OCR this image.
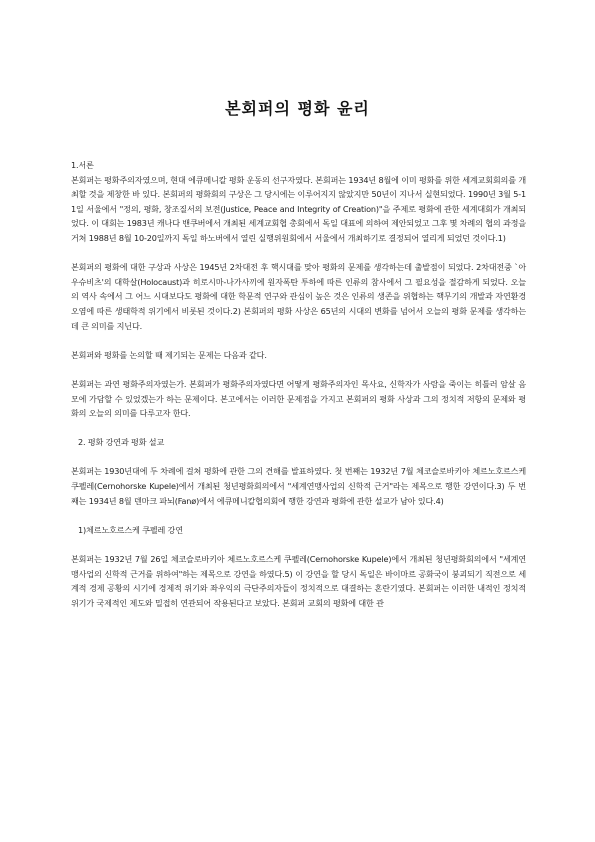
본회퍼의 평화 윤리

1.서론

본회퍼는 평화주의자였으며, 현대 에큐메니칼 평화 운동의 선구자였다. 본회퍼는 1934년 8월에 이미 평화를 위한 세계교회회의를 개최할 것을 제창한 바 있다. 본회퍼의 평화회의 구상은 그 당시에는 이루어지지 않았지만 50년이 지나서 실현되었다. 1990년 3월 5-11일 서울에서 "정의, 평화, 창조질서의 보전(Justice, Peace and Integrity of Creation)"을 주제로 평화에 관한 세계대회가 개최되었다. 이 대회는 1983년 캐나다 밴쿠버에서 개최된 세계교회협 총회에서 독일 대표에 의하여 제안되었고 그후 몇 차례의 협의 과정을 거쳐 1988년 8월 10-20일까지 독일 하노버에서 열린 실행위원회에서 서울에서 개최하기로 결정되어 열리게 되었던 것이다.1)

본회퍼의 평화에 대한 구상과 사상은 1945년 2차대전 후 핵시대를 맞아 평화의 문제를 생각하는데 출발점이 되었다. 2차대전중 `아우슈비츠'의 대학살(Holocaust)과 히로시마-나가사끼에 원자폭탄 투하에 따른 인류의 참사에서 그 필요성을 절감하게 되었다. 오늘의 역사 속에서 그 어느 시대보다도 평화에 대한 학문적 연구와 관심이 높은 것은 인류의 생존을 위협하는 핵무기의 개발과 자연환경 오염에 따른 생태학적 위기에서 비롯된 것이다.2) 본회퍼의 평화 사상은 65년의 시대의 변화를 넘어서 오늘의 평화 문제를 생각하는데 큰 의미를 지닌다.

본회퍼와 평화를 논의할 때 제기되는 문제는 다음과 같다.

본회퍼는 과연 평화주의자였는가. 본회퍼가 평화주의자였다면 어떻게 평화주의자인 목사요, 신학자가 사람을 죽이는 히틀러 암살 음모에 가담할 수 있었겠는가 하는 문제이다. 본고에서는 이러한 문제점을 가지고 본회퍼의 평화 사상과 그의 정치적 저항의 문제와 평화의 오늘의 의미를 다루고자 한다.

2. 평화 강연과 평화 설교

본회퍼는 1930년대에 두 차례에 걸쳐 평화에 관한 그의 견해를 발표하였다. 첫 번째는 1932년 7월 체코슬로바키아 체르노호르스케 쿠펠레(Cernohorske Kupele)에서 개최된 청년평화회의에서 "세계연맹사업의 신학적 근거"라는 제목으로 행한 강연이다.3) 두 번째는 1934년 8월 덴마크 파뇌(Fanø)에서 에큐메니칼협의회에 행한 강연과 평화에 관한 설교가 남아 있다.4)

1)체르노호르스케 쿠펠레 강연

본회퍼는 1932년 7월 26일 체코슬로바키아 체르노호르스케 쿠펠레(Cernohorske Kupele)에서 개최된 청년평화회의에서 "세계연맹사업의 신학적 근거를 위하여"하는 제목으로 강연을 하였다.5) 이 강연을 할 당시 독일은 바이마르 공화국이 붕괴되기 직전으로 세계적 경제 공황의 시기에 경제적 위기와 좌우익의 극단주의자들이 정치적으로 대결하는 혼란기였다. 본회퍼는 이러한 내적인 정치적 위기가 국제적인 제도와 밀접히 연관되어 작용된다고 보았다. 본회퍼 교회의 평화에 대한 관
